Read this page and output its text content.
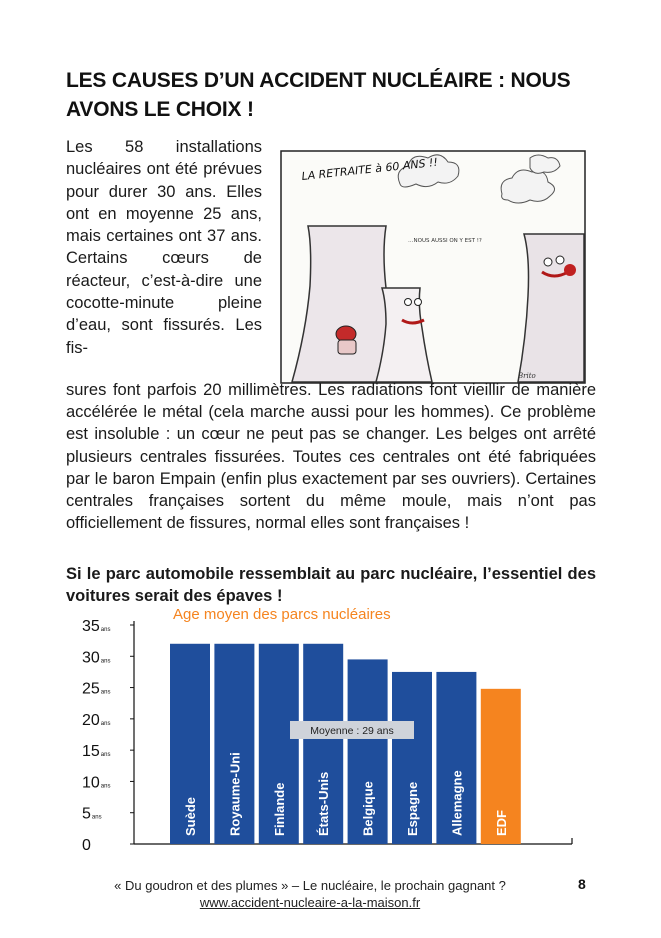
LES CAUSES D’UN ACCIDENT NUCLÉAIRE : NOUS AVONS LE CHOIX !
Les 58 installations nucléaires ont été prévues pour durer 30 ans. Elles ont en moyenne 25 ans, mais certaines ont 37 ans. Certains cœurs de réacteur, c’est-à-dire une cocotte-minute pleine d’eau, sont fissurés. Les fis-
LA RETRAITE à 60 ANS !!
…NOUS AUSSI ON Y EST !?
Brito
sures font parfois 20 millimètres. Les radiations font vieillir de manière accélérée le métal (cela marche aussi pour les hommes). Ce problème est insoluble : un cœur ne peut pas se changer. Les belges ont arrêté plusieurs centrales fissurées. Toutes ces centrales ont été fabriquées par le baron Empain (enfin plus exactement par ses ouvriers). Certaines centrales françaises sortent du même moule, mais n’ont pas officiellement de fissures, normal elles sont françaises !
Si le parc automobile ressemblait au parc nucléaire, l’essentiel des voitures serait des épaves !
Age moyen des parcs nucléaires
0
5ans
10ans
15ans
20ans
25ans
30ans
35ans
Suède Royaume-Uni Finlande États-Unis Belgique Espagne Allemagne EDF
Moyenne : 29 ans
« Du goudron et des plumes » – Le nucléaire, le prochain gagnant ?	8
www.accident-nucleaire-a-la-maison.fr
